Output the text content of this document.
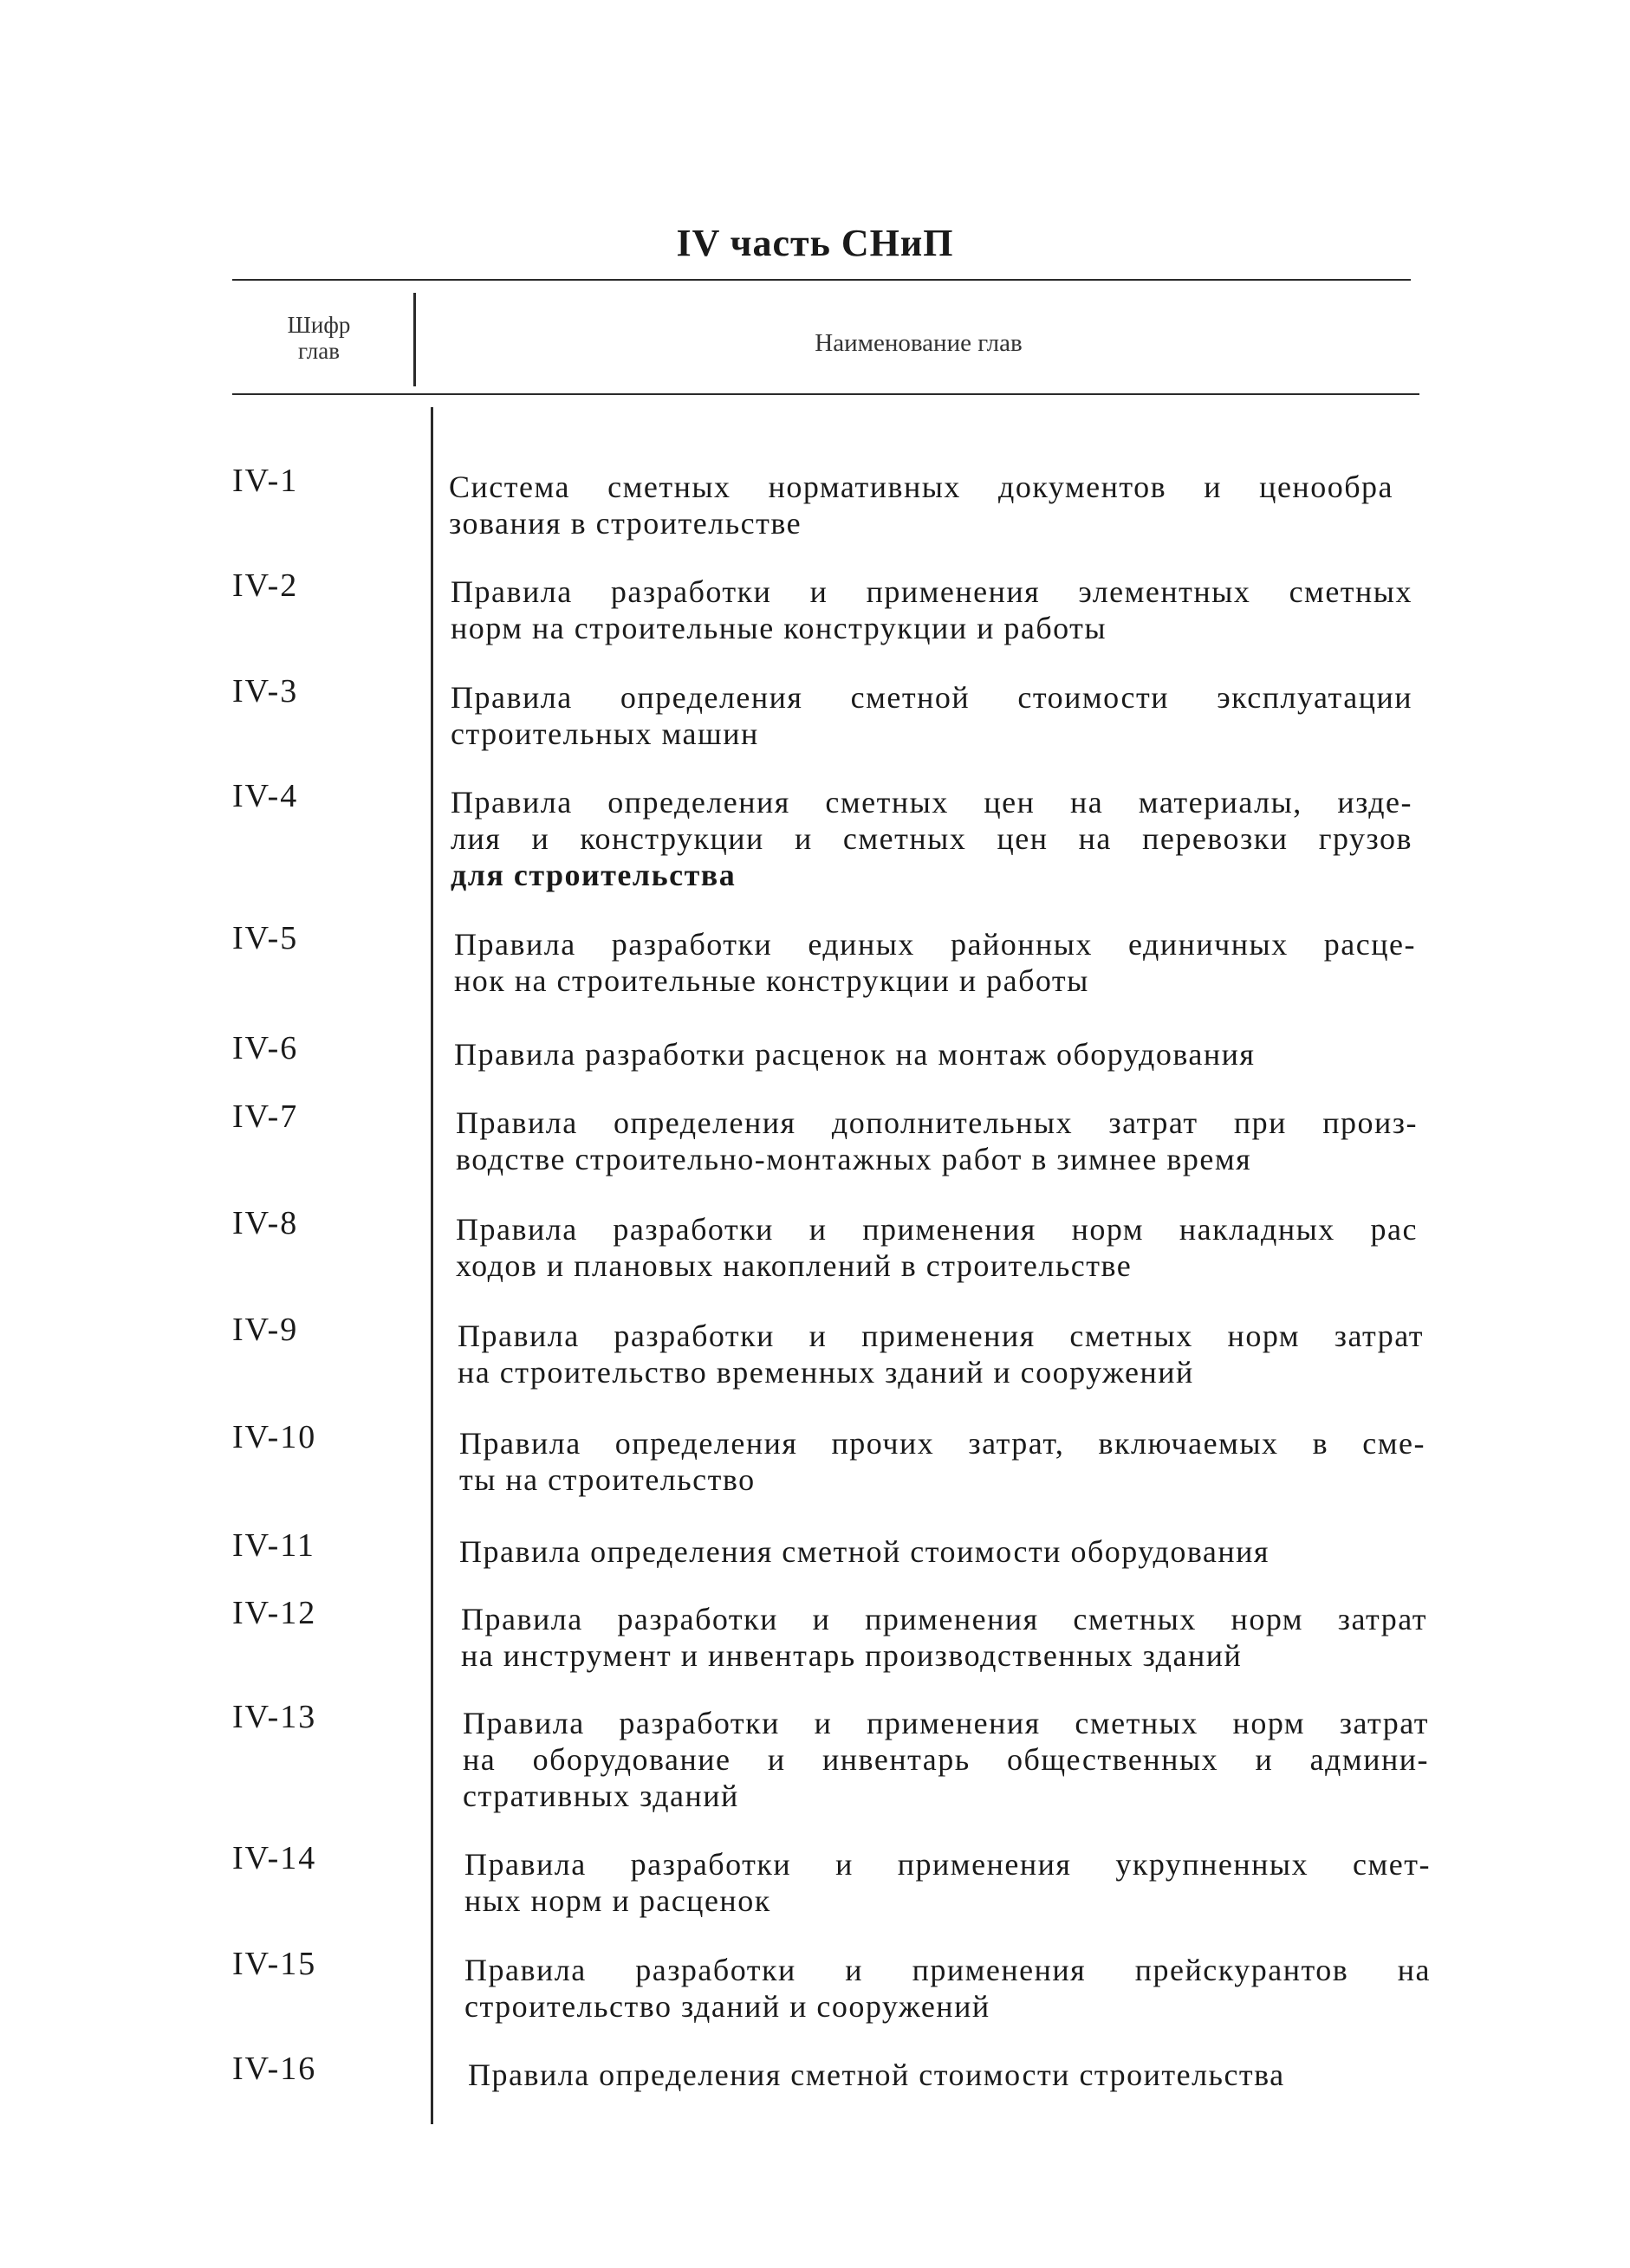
IV часть СНиП
Шифр
глав	Наименование глав
IV-1	Система сметных нормативных документов и ценообра
зования в строительстве
IV-2	Правила разработки и применения элементных сметных
норм на строительные конструкции и работы
IV-3	Правила определения сметной стоимости эксплуатации
строительных машин
IV-4	Правила определения сметных цен на материалы, изде-
лия и конструкции и сметных цен на перевозки грузов
для строительства
IV-5	Правила разработки единых районных единичных расце-
нок на строительные конструкции и работы
IV-6	Правила разработки расценок на монтаж оборудования
IV-7	Правила определения дополнительных затрат при произ-
водстве строительно-монтажных работ в зимнее время
IV-8	Правила разработки и применения норм накладных рас
ходов и плановых накоплений в строительстве
IV-9	Правила разработки и применения сметных норм затрат
на строительство временных зданий и сооружений
IV-10	Правила определения прочих затрат, включаемых в сме-
ты на строительство
IV-11	Правила определения сметной стоимости оборудования
IV-12	Правила разработки и применения сметных норм затрат
на инструмент и инвентарь производственных зданий
IV-13	Правила разработки и применения сметных норм затрат
на оборудование и инвентарь общественных и админи-
стративных зданий
IV-14	Правила разработки и применения укрупненных смет-
ных норм и расценок
IV-15	Правила разработки и применения прейскурантов на
строительство зданий и сооружений
IV-16	Правила определения сметной стоимости строительства
